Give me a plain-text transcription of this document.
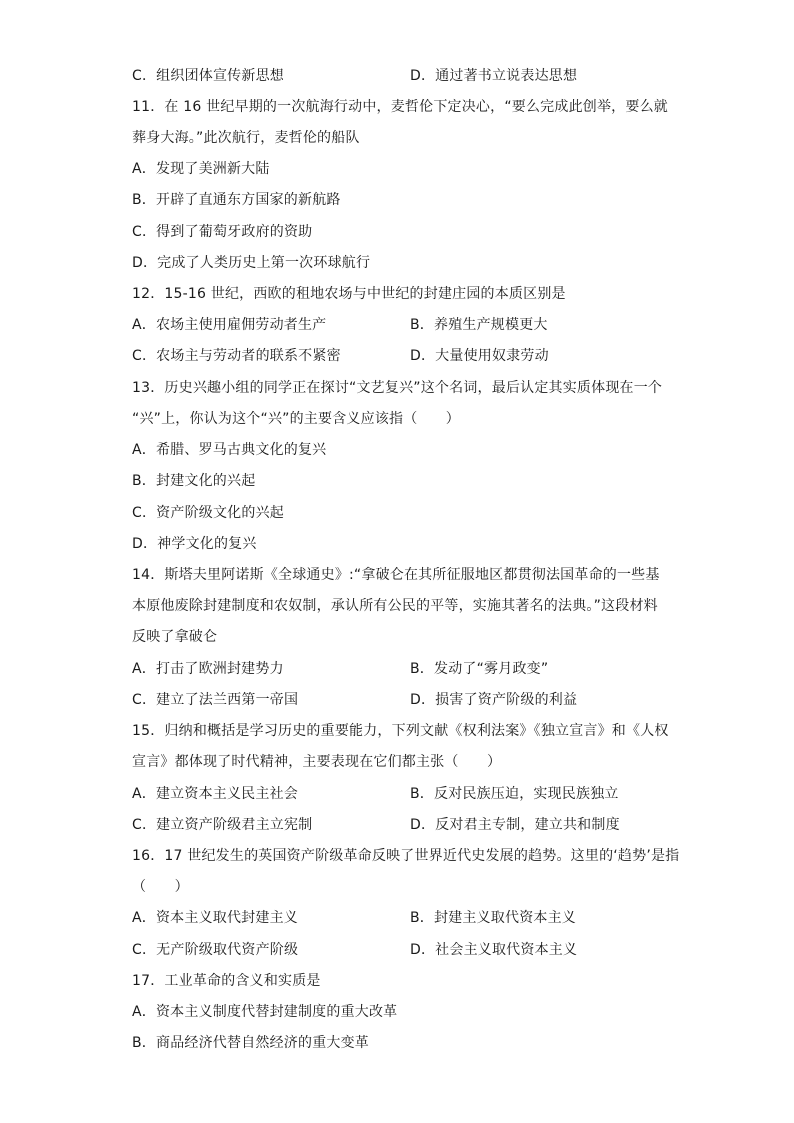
C．组织团体宣传新思想	D．通过著书立说表达思想
11．在 16 世纪早期的一次航海行动中，麦哲伦下定决心，“要么完成此创举，要么就
葬身大海。”此次航行，麦哲伦的船队
A．发现了美洲新大陆
B．开辟了直通东方国家的新航路
C．得到了葡萄牙政府的资助
D．完成了人类历史上第一次环球航行
12．15-16 世纪，西欧的租地农场与中世纪的封建庄园的本质区别是
A．农场主使用雇佣劳动者生产	B．养殖生产规模更大
C．农场主与劳动者的联系不紧密	D．大量使用奴隶劳动
13．历史兴趣小组的同学正在探讨“文艺复兴”这个名词，最后认定其实质体现在一个
“兴”上，你认为这个“兴”的主要含义应该指（　　）
A．希腊、罗马古典文化的复兴
B．封建文化的兴起
C．资产阶级文化的兴起
D．神学文化的复兴
14．斯塔夫里阿诺斯《全球通史》:“拿破仑在其所征服地区都贯彻法国革命的一些基
本原他废除封建制度和农奴制，承认所有公民的平等，实施其著名的法典。”这段材料
反映了拿破仑
A．打击了欧洲封建势力	B．发动了“雾月政变”
C．建立了法兰西第一帝国	D．损害了资产阶级的利益
15．归纳和概括是学习历史的重要能力，下列文献《权利法案》《独立宣言》和《人权
宣言》都体现了时代精神，主要表现在它们都主张（　　）
A．建立资本主义民主社会	B．反对民族压迫，实现民族独立
C．建立资产阶级君主立宪制	D．反对君主专制，建立共和制度
16．17 世纪发生的英国资产阶级革命反映了世界近代史发展的趋势。这里的‘趋势’是指
（　　）
A．资本主义取代封建主义	B．封建主义取代资本主义
C．无产阶级取代资产阶级	D．社会主义取代资本主义
17．工业革命的含义和实质是
A．资本主义制度代替封建制度的重大改革
B．商品经济代替自然经济的重大变革
